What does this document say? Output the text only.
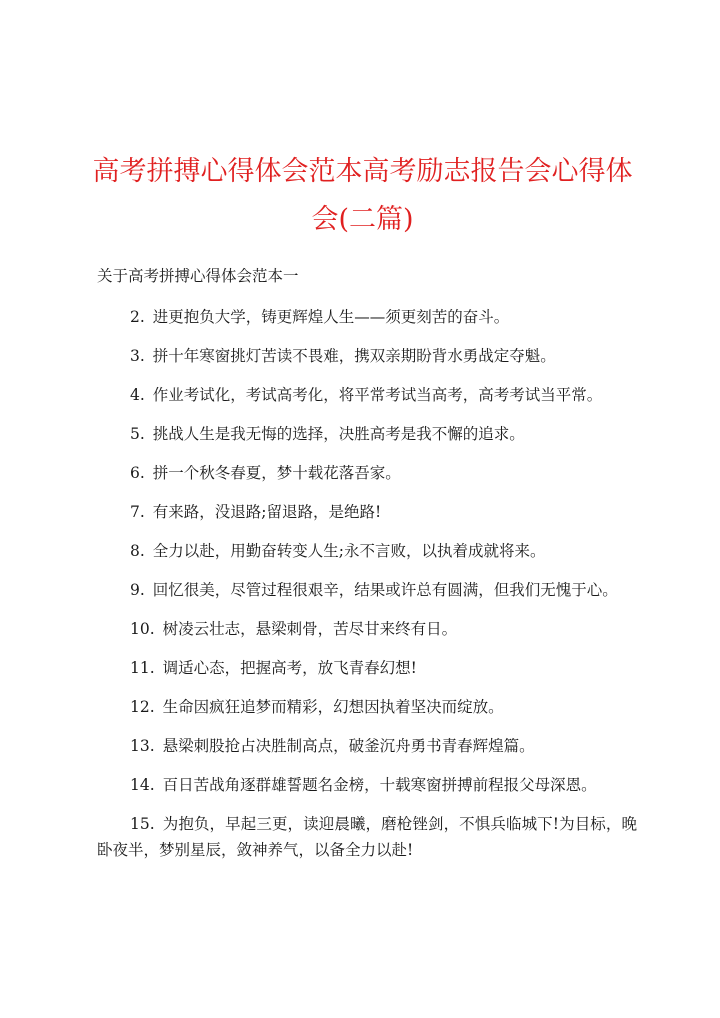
高考拼搏心得体会范本高考励志报告会心得体会(二篇)

关于高考拼搏心得体会范本一

2. 进更抱负大学，铸更辉煌人生——须更刻苦的奋斗。
3. 拼十年寒窗挑灯苦读不畏难，携双亲期盼背水勇战定夺魁。
4. 作业考试化，考试高考化，将平常考试当高考，高考考试当平常。
5. 挑战人生是我无悔的选择，决胜高考是我不懈的追求。
6. 拼一个秋冬春夏，梦十载花落吾家。
7. 有来路，没退路;留退路，是绝路!
8. 全力以赴，用勤奋转变人生;永不言败，以执着成就将来。
9. 回忆很美，尽管过程很艰辛，结果或许总有圆满，但我们无愧于心。
10. 树凌云壮志，悬梁刺骨，苦尽甘来终有日。
11. 调适心态，把握高考，放飞青春幻想!
12. 生命因疯狂追梦而精彩，幻想因执着坚决而绽放。
13. 悬梁刺股抢占决胜制高点，破釜沉舟勇书青春辉煌篇。
14. 百日苦战角逐群雄誓题名金榜，十载寒窗拼搏前程报父母深恩。
15. 为抱负，早起三更，读迎晨曦，磨枪锉剑，不惧兵临城下!为目标，晚卧夜半，梦别星辰，敛神养气，以备全力以赴!
